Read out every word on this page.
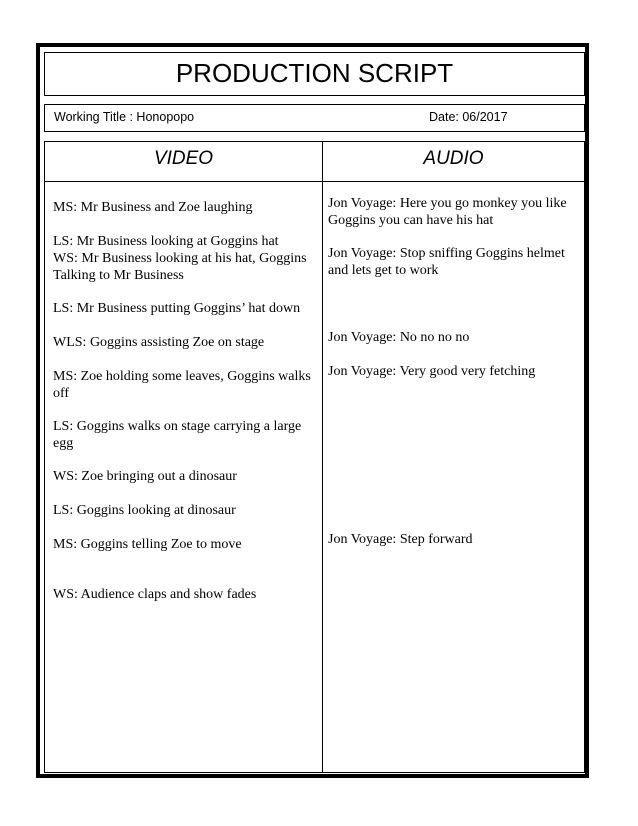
PRODUCTION SCRIPT
Working Title : Honopopo	Date: 06/2017
VIDEO	AUDIO
MS: Mr Business and Zoe laughing
LS: Mr Business looking at Goggins hat
WS: Mr Business looking at his hat, Goggins Talking to Mr Business
LS: Mr Business putting Goggins’ hat down
WLS: Goggins assisting Zoe on stage
MS: Zoe holding some leaves, Goggins walks off
LS: Goggins walks on stage carrying a large egg
WS: Zoe bringing out a dinosaur
LS: Goggins looking at dinosaur
MS: Goggins telling Zoe to move
WS: Audience claps and show fades
Jon Voyage: Here you go monkey you like Goggins you can have his hat
Jon Voyage: Stop sniffing Goggins helmet and lets get to work
Jon Voyage: No no no no
Jon Voyage: Very good very fetching
Jon Voyage: Step forward
